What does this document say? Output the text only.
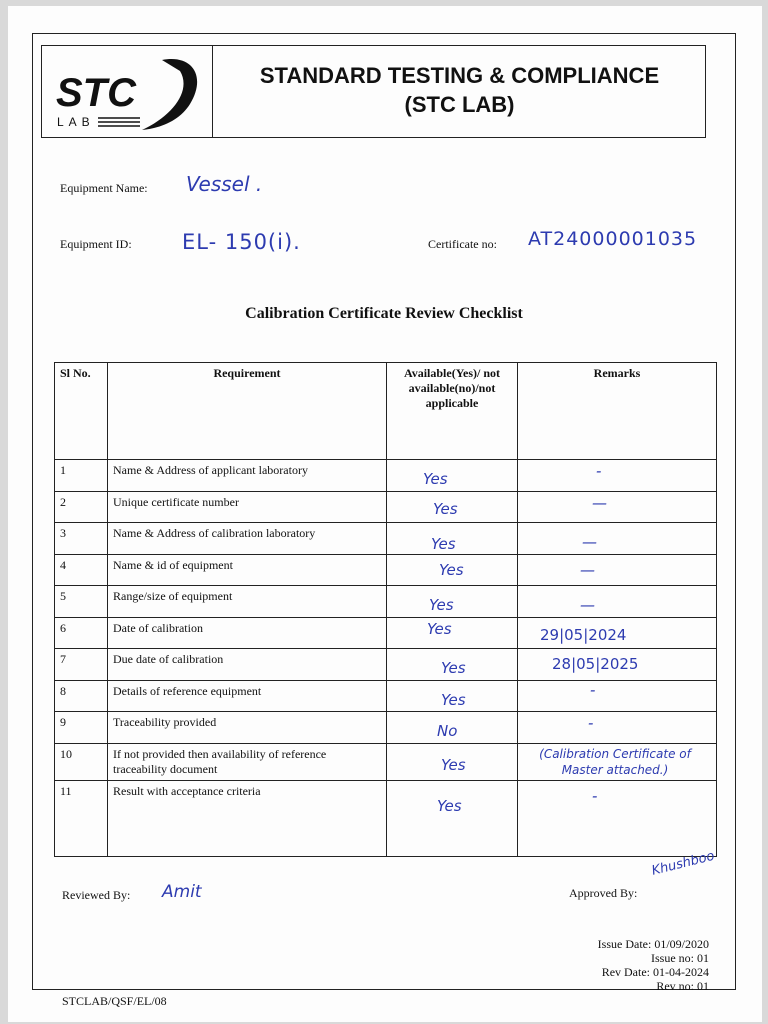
STC
LAB
STANDARD TESTING & COMPLIANCE
(STC LAB)
Equipment Name: Vessel .
Equipment ID: EL- 150(i).	Certificate no: AT24000001035
Calibration Certificate Review Checklist
Sl No.	Requirement	Available(Yes)/ not available(no)/not applicable	Remarks
1	Name & Address of applicant laboratory	Yes	-

2	Unique certificate number	Yes	—

3	Name & Address of calibration laboratory	Yes	—

4	Name & id of equipment	Yes	—

5	Range/size of equipment	Yes	—

6	Date of calibration	Yes	29|05|2024

7	Due date of calibration	Yes	28|05|2025

8	Details of reference equipment	Yes	-

9	Traceability provided	No	-

10	If not provided then availability of reference traceability document	Yes	(Calibration Certificate of Master attached.)

11	Result with acceptance criteria	Yes	-
Reviewed By: Amit	Approved By:
Khushboo
Issue Date: 01/09/2020
Issue no: 01
Rev Date: 01-04-2024
Rev no: 01
STCLAB/QSF/EL/08
